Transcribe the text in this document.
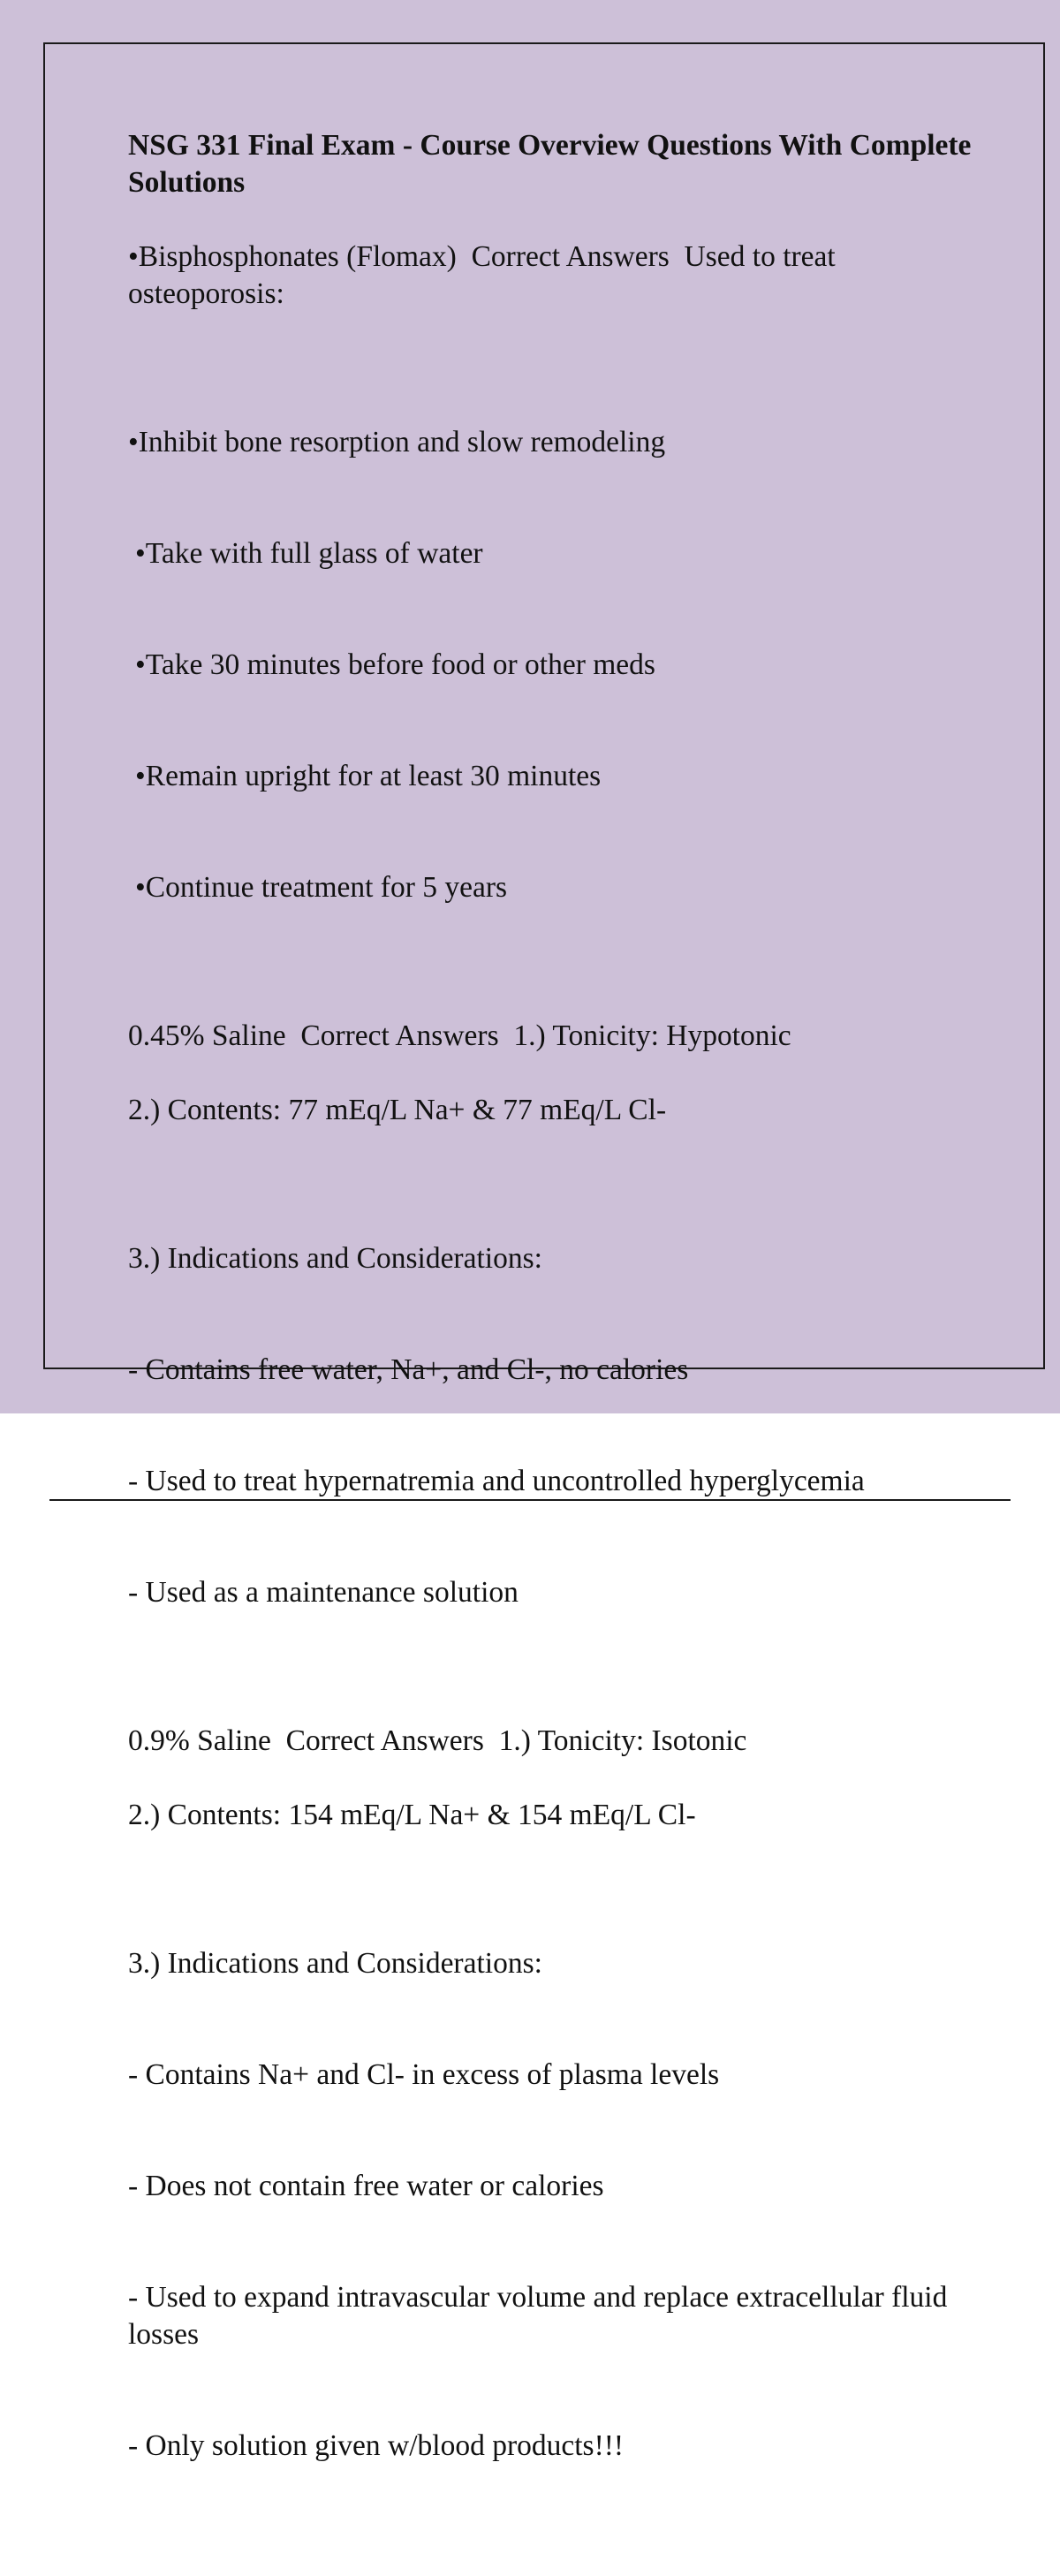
NSG 331 Final Exam - Course Overview Questions With Complete Solutions
•Bisphosphonates (Flomax)  Correct Answers  Used to treat osteoporosis:

•Inhibit bone resorption and slow remodeling

•Take with full glass of water

•Take 30 minutes before food or other meds

•Remain upright for at least 30 minutes

•Continue treatment for 5 years

0.45% Saline  Correct Answers  1.) Tonicity: Hypotonic
2.) Contents: 77 mEq/L Na+ & 77 mEq/L Cl-

3.) Indications and Considerations:

- Contains free water, Na+, and Cl-, no calories

- Used to treat hypernatremia and uncontrolled hyperglycemia

- Used as a maintenance solution

0.9% Saline  Correct Answers  1.) Tonicity: Isotonic
2.) Contents: 154 mEq/L Na+ & 154 mEq/L Cl-

3.) Indications and Considerations:

- Contains Na+ and Cl- in excess of plasma levels

- Does not contain free water or calories

- Used to expand intravascular volume and replace extracellular fluid losses

- Only solution given w/blood products!!!
